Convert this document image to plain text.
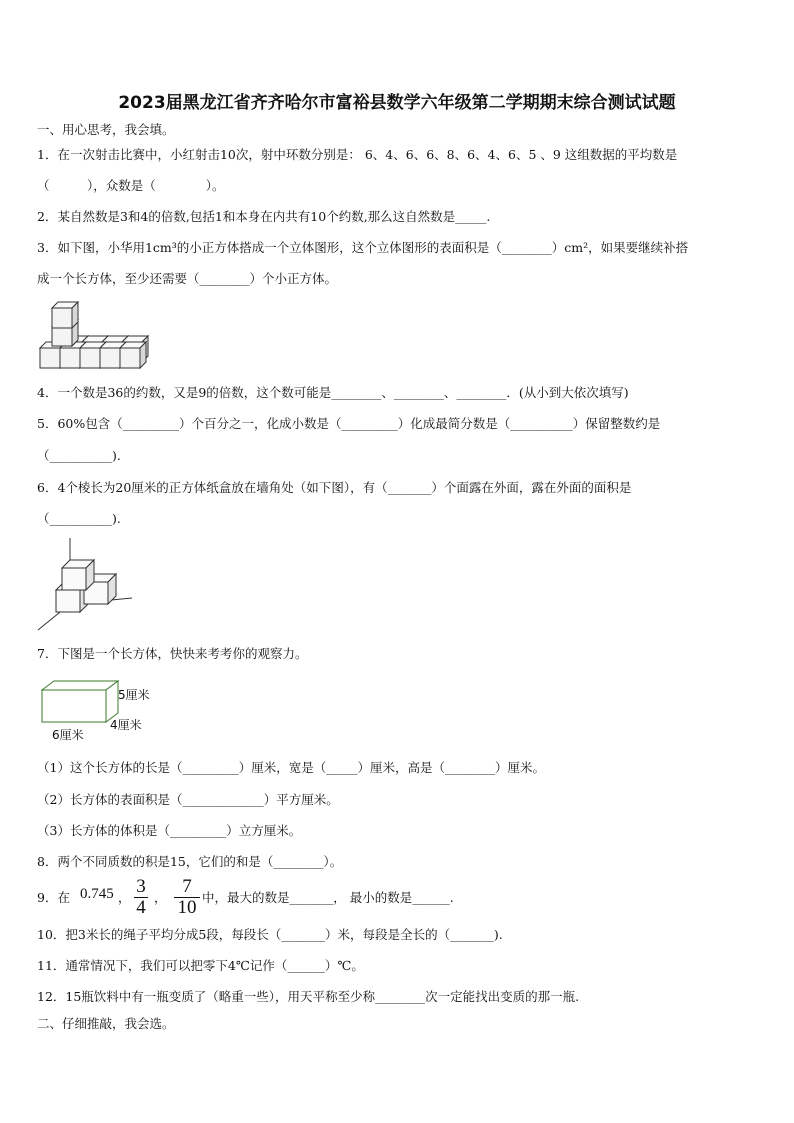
2023届黑龙江省齐齐哈尔市富裕县数学六年级第二学期期末综合测试试题
一、用心思考，我会填。
1．在一次射击比赛中，小红射击10次，射中环数分别是： 6、4、6、6、8、6、4、6、5 、9 这组数据的平均数是
（　　　），众数是（　　　　）。
2．某自然数是3和4的倍数,包括1和本身在内共有10个约数,那么这自然数是_____.
3．如下图，小华用1cm³的小正方体搭成一个立体图形，这个立体图形的表面积是（________）cm²，如果要继续补搭
成一个长方体，至少还需要（________）个小正方体。
4．一个数是36的约数，又是9的倍数，这个数可能是________、________、________．(从小到大依次填写)
5．60%包含（_________）个百分之一，化成小数是（_________）化成最简分数是（__________）保留整数约是
（__________).
6．4个棱长为20厘米的正方体纸盒放在墙角处（如下图），有（_______）个面露在外面，露在外面的面积是
（__________).
7．下图是一个长方体，快快来考考你的观察力。
5厘米
4厘米
6厘米
（1）这个长方体的长是（_________）厘米，宽是（_____）厘米，高是（________）厘米。
（2）长方体的表面积是（_____________）平方厘米。
（3）长方体的体积是（_________）立方厘米。
8．两个不同质数的积是15，它们的和是（________）。
9．在 0.745 ， $\frac{3}{4}$ ， $\frac{7}{10}$ 中，最大的数是_______， 最小的数是______.
10．把3米长的绳子平均分成5段，每段长（_______）米，每段是全长的（_______).
11．通常情况下，我们可以把零下4℃记作（______）℃。
12．15瓶饮料中有一瓶变质了（略重一些），用天平称至少称________次一定能找出变质的那一瓶.
二、仔细推敲，我会选。
